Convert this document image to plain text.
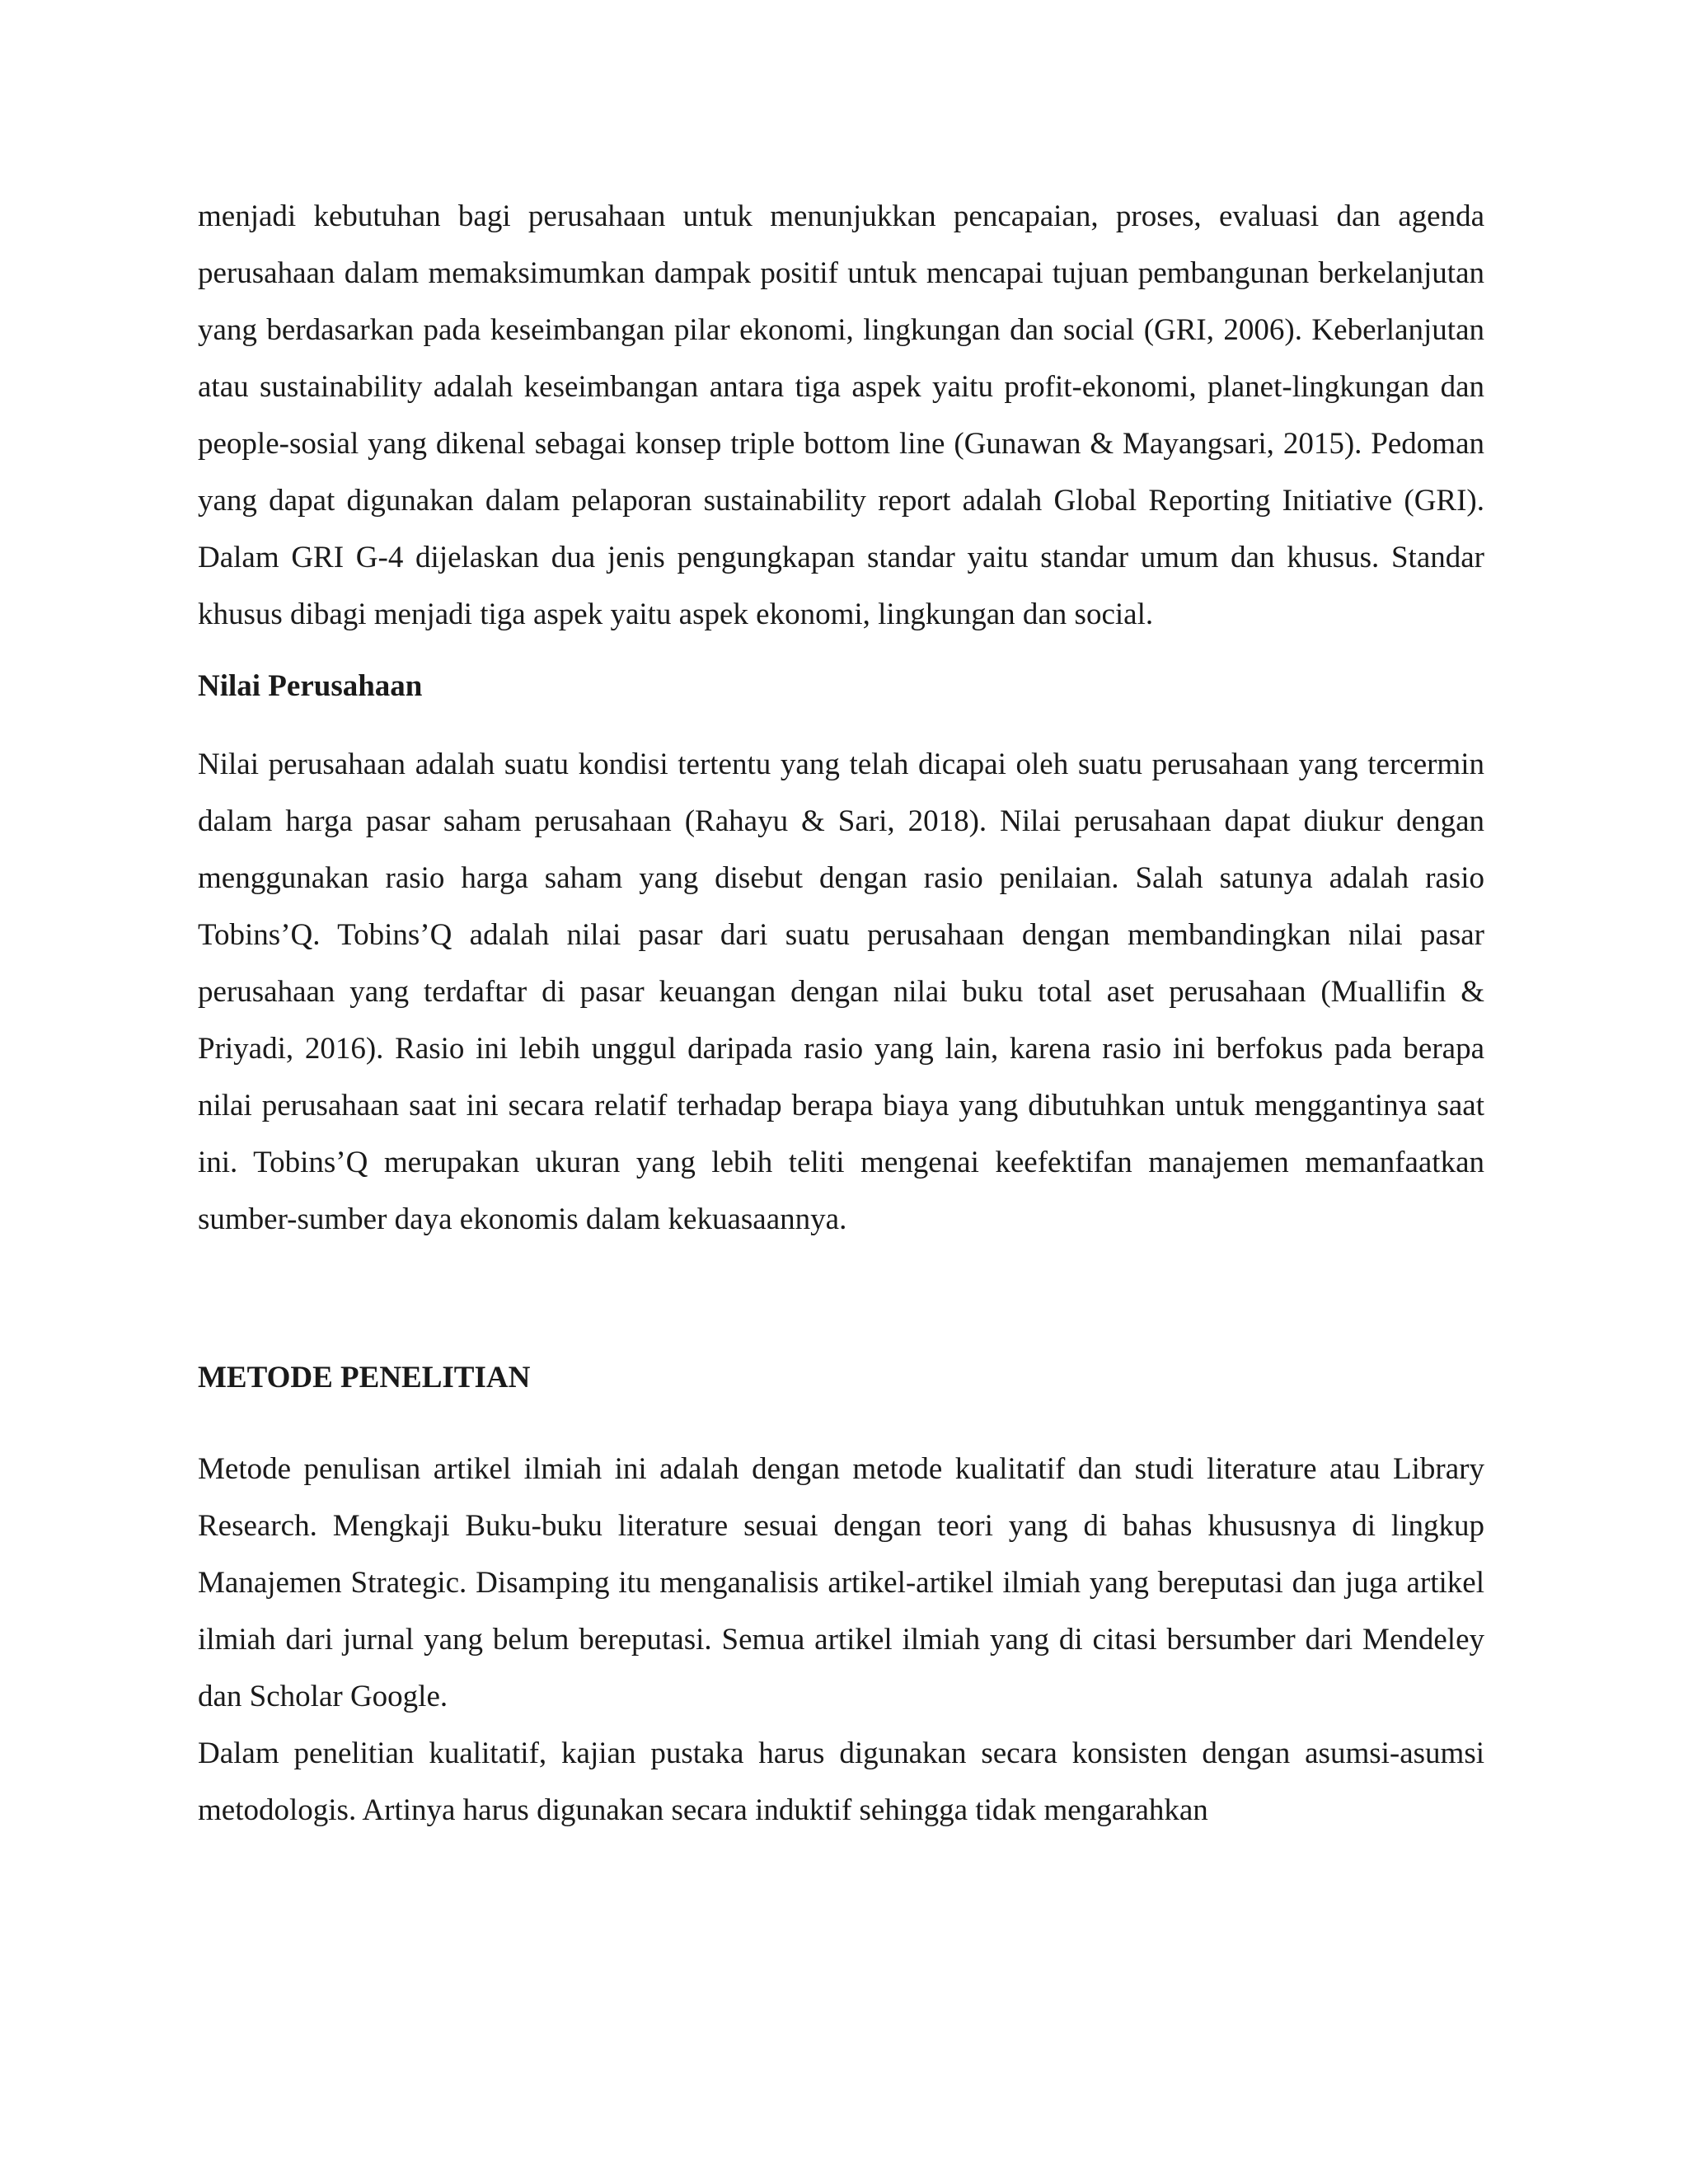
menjadi kebutuhan bagi perusahaan untuk menunjukkan pencapaian, proses, evaluasi dan agenda perusahaan dalam memaksimumkan dampak positif untuk mencapai tujuan pembangunan berkelanjutan yang berdasarkan pada keseimbangan pilar ekonomi, lingkungan dan social (GRI, 2006). Keberlanjutan atau sustainability adalah keseimbangan antara tiga aspek yaitu profit-ekonomi, planet-lingkungan dan people-sosial yang dikenal sebagai konsep triple bottom line (Gunawan & Mayangsari, 2015). Pedoman yang dapat digunakan dalam pelaporan sustainability report adalah Global Reporting Initiative (GRI). Dalam GRI G-4 dijelaskan dua jenis pengungkapan standar yaitu standar umum dan khusus. Standar khusus dibagi menjadi tiga aspek yaitu aspek ekonomi, lingkungan dan social.

Nilai Perusahaan

Nilai perusahaan adalah suatu kondisi tertentu yang telah dicapai oleh suatu perusahaan yang tercermin dalam harga pasar saham perusahaan (Rahayu & Sari, 2018). Nilai perusahaan dapat diukur dengan menggunakan rasio harga saham yang disebut dengan rasio penilaian. Salah satunya adalah rasio Tobins’Q. Tobins’Q adalah nilai pasar dari suatu perusahaan dengan membandingkan nilai pasar perusahaan yang terdaftar di pasar keuangan dengan nilai buku total aset perusahaan (Muallifin & Priyadi, 2016). Rasio ini lebih unggul daripada rasio yang lain, karena rasio ini berfokus pada berapa nilai perusahaan saat ini secara relatif terhadap berapa biaya yang dibutuhkan untuk menggantinya saat ini. Tobins’Q merupakan ukuran yang lebih teliti mengenai keefektifan manajemen memanfaatkan sumber-sumber daya ekonomis dalam kekuasaannya.

METODE PENELITIAN

Metode penulisan artikel ilmiah ini adalah dengan metode kualitatif dan studi literature atau Library Research. Mengkaji Buku-buku literature sesuai dengan teori yang di bahas khususnya di lingkup Manajemen Strategic. Disamping itu menganalisis artikel-artikel ilmiah yang bereputasi dan juga artikel ilmiah dari jurnal yang belum bereputasi. Semua artikel ilmiah yang di citasi bersumber dari Mendeley dan Scholar Google.

Dalam penelitian kualitatif, kajian pustaka harus digunakan secara konsisten dengan asumsi-asumsi metodologis. Artinya harus digunakan secara induktif sehingga tidak mengarahkan
